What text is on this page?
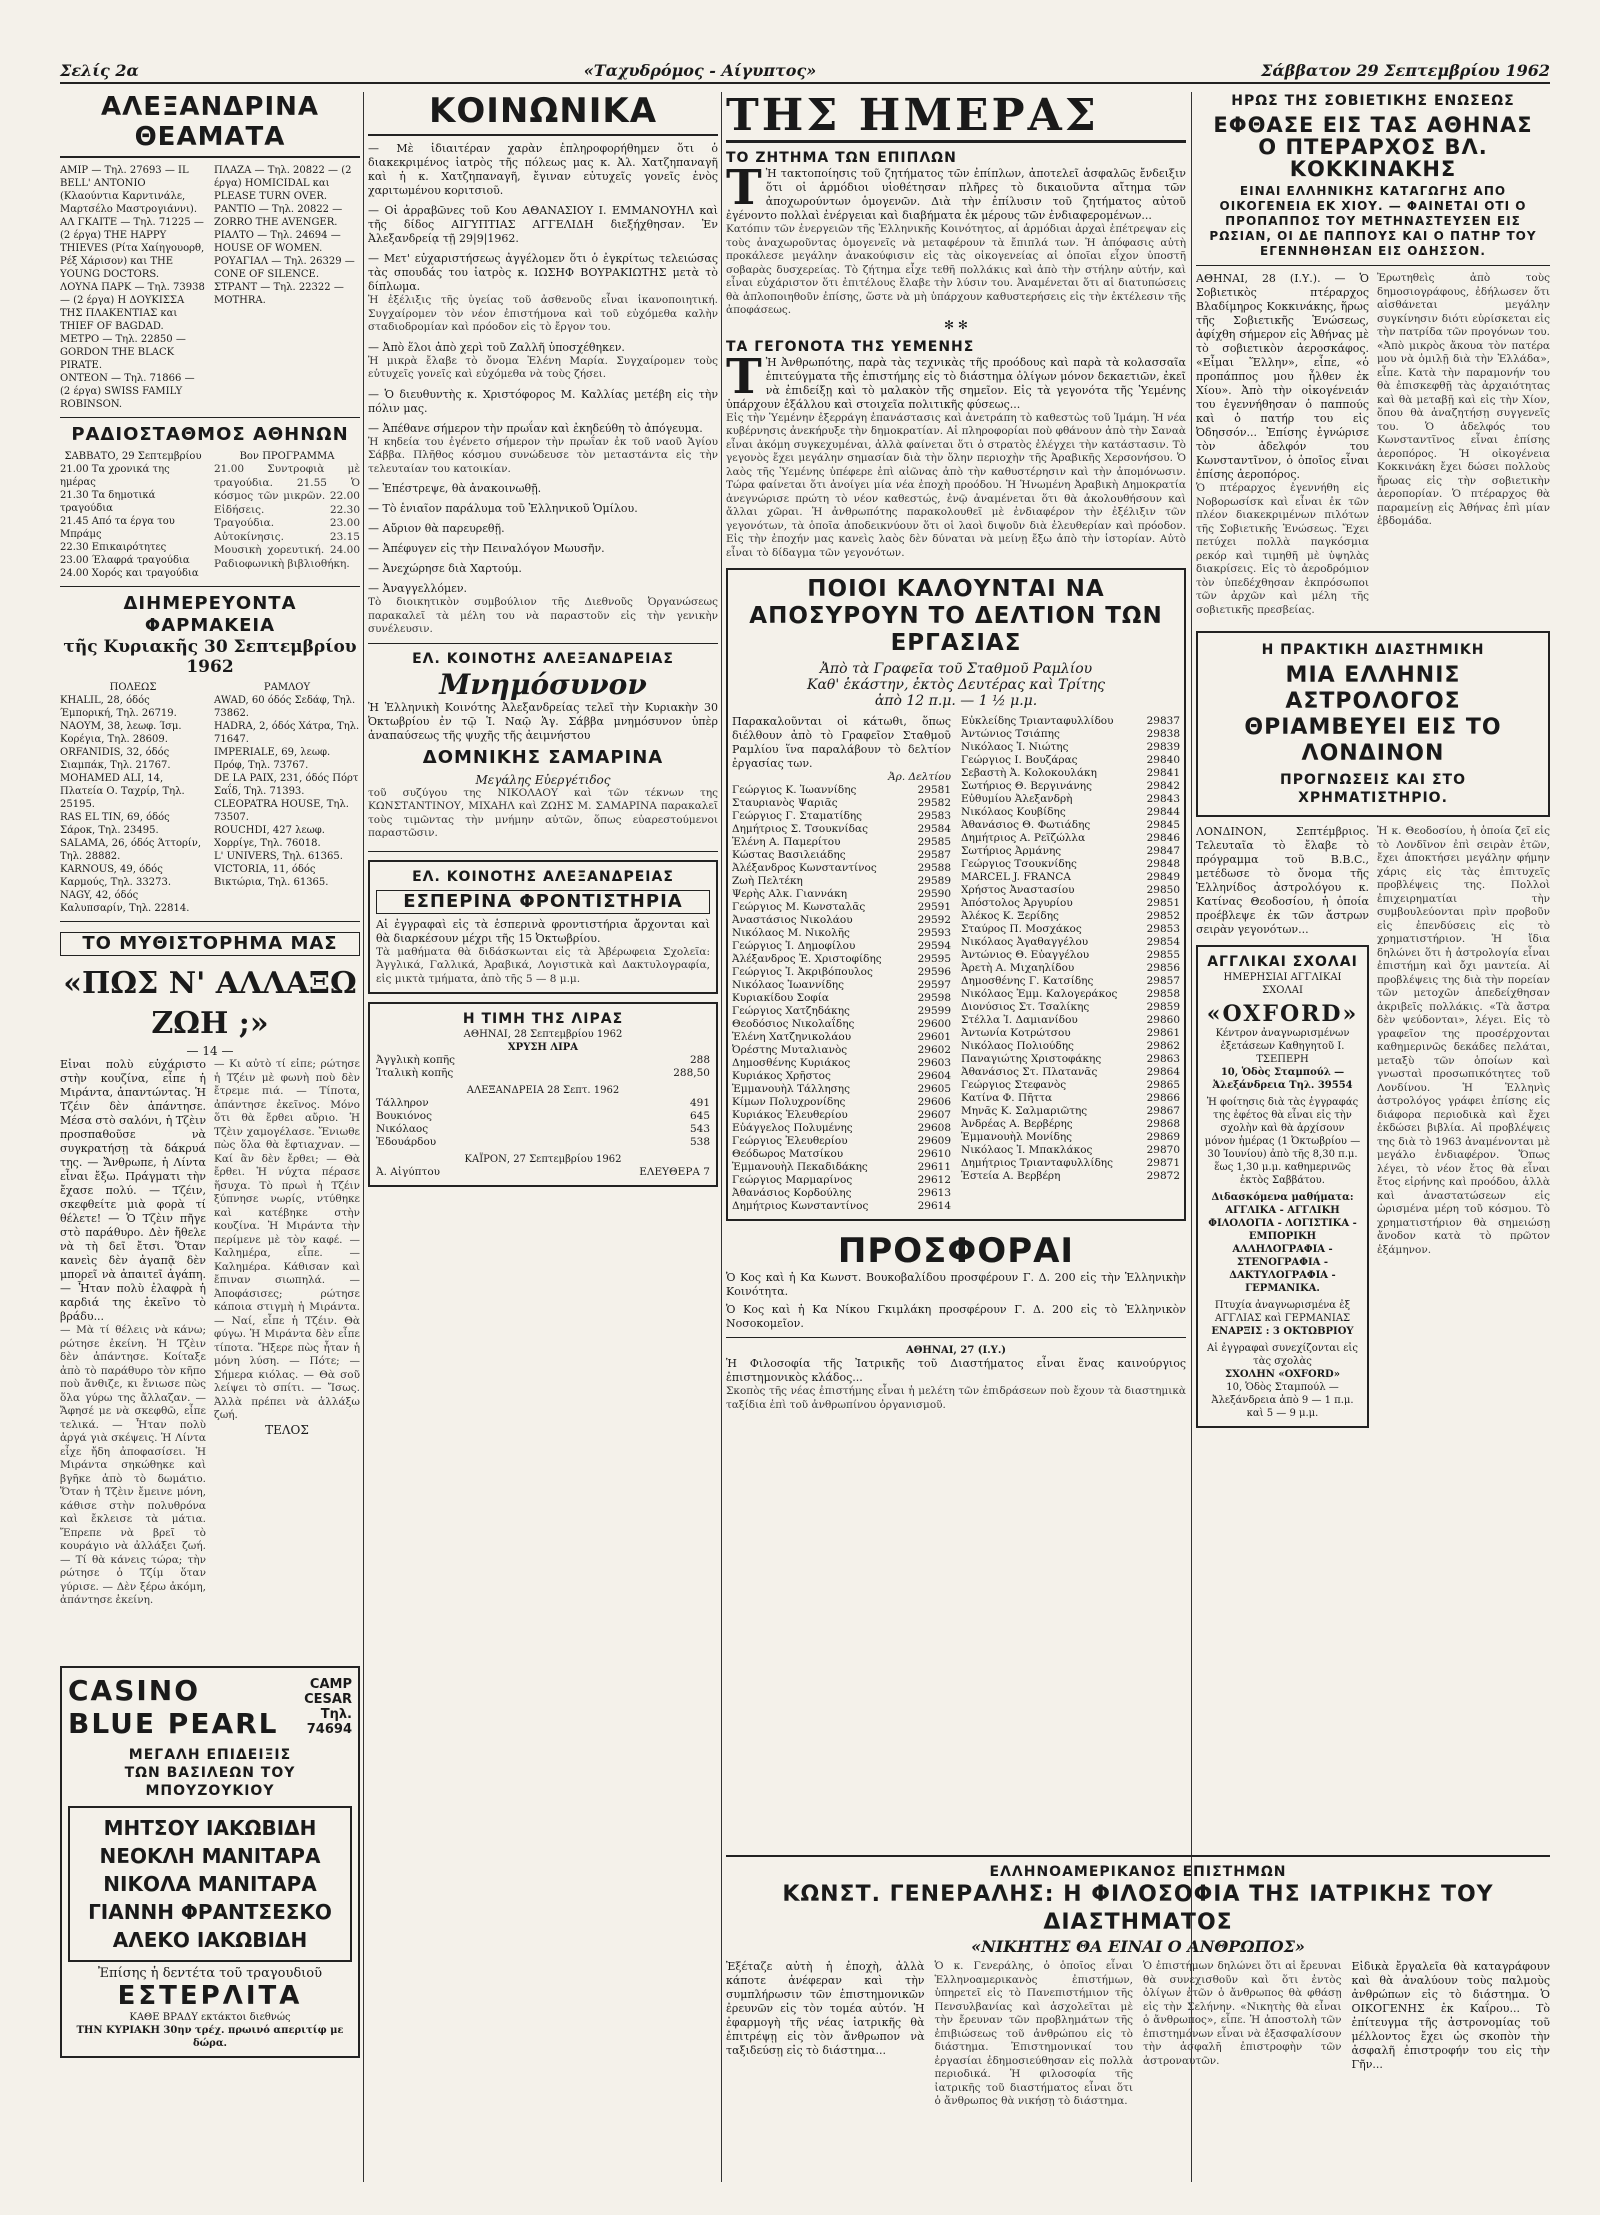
Σελίς 2α	«Ταχυδρόμος - Αίγυπτος»	Σάββατον 29 Σεπτεμβρίου 1962
ΑΛΕΞΑΝΔΡΙΝΑ ΘΕΑΜΑΤΑ

ΑΜΙΡ — Τηλ. 27693 — IL BELL' ANTONIO (Κλαούντια Καρντινάλε, Μαρτσέλο Μαστρογιάννι).

ΑΛ ΓΚΑΙΤΕ — Τηλ. 71225 — (2 έργα) THE HAPPY THIEVES (Ρίτα Χαίηγουορθ, Ρέξ Χάρισον) και THE YOUNG DOCTORS.

ΛΟΥΝΑ ΠΑΡΚ — Τηλ. 73938 — (2 έργα) Η ΔΟΥΚΙΣΣΑ ΤΗΣ ΠΛΑΚΕΝΤΙΑΣ και THIEF OF BAGDAD.

ΜΕΤΡΟ — Τηλ. 22850 — GORDON THE BLACK PIRATE.

ΟΝΤΕΟΝ — Τηλ. 71866 — (2 έργα) SWISS FAMILY ROBINSON.

ΠΛΑΖΑ — Τηλ. 20822 — (2 έργα) HOMICIDAL και PLEASE TURN OVER.

ΡΑΝΤΙΟ — Τηλ. 20822 — ZORRO THE AVENGER.

ΡΙΑΛΤΟ — Τηλ. 24694 — HOUSE OF WOMEN.

ΡΟΥΑΓΙΑΛ — Τηλ. 26329 — CONE OF SILENCE.

ΣΤΡΑΝΤ — Τηλ. 22322 — MOTHRA.

ΡΑΔΙΟΣΤΑΘΜΟΣ ΑΘΗΝΩΝ

ΣΑΒΒΑΤΟ, 29 Σεπτεμβρίου

21.00 Τα χρονικά της ημέρας

21.30 Τα δημοτικά τραγούδια

21.45 Από τα έργα του Μπράμς

22.30 Επικαιρότητες

23.00 Έλαφρά τραγούδια

24.00 Χορός και τραγούδια

Βον ΠΡΟΓΡΑΜΜΑ

21.00 Συντροφιὰ μὲ τραγούδια. 21.55 Ὁ κόσμος τῶν μικρῶν. 22.00 Εἰδήσεις. 22.30 Τραγούδια. 23.00 Αὐτοκίνησις. 23.15 Μουσικὴ χορευτική. 24.00 Ραδιοφωνικὴ βιβλιοθήκη.

ΔΙΗΜΕΡΕΥΟΝΤΑ ΦΑΡΜΑΚΕΙΑ
τῆς Κυριακῆς 30 Σεπτεμβρίου 1962

ΠΟΛΕΩΣ

KHALIL, 28, όδός Έμπορική, Τηλ. 26719.

ΝΑΟΥΜ, 38, λεωφ. Ίσμ. Κορέγια, Τηλ. 28609.

ORFANIDIS, 32, όδός Σιαμπάκ, Τηλ. 21767.

MOHAMED ALI, 14, Πλατεία Ο. Ταχρίρ, Τηλ. 25195.

RAS EL TIN, 69, όδός Σάροκ, Τηλ. 23495.

SALAMA, 26, όδός Άττορίν, Τηλ. 28882.

KARNOUS, 49, όδός Καρμούς, Τηλ. 33273.

NAGY, 42, όδός Καλυπσαρίν, Τηλ. 22814.

ΡΑΜΛΟΥ

AWAD, 60 όδός Σεδάφ, Τηλ. 73862.

HADRA, 2, όδός Χάτρα, Τηλ. 71647.

IMPERIALE, 69, λεωφ. Πρόφ, Τηλ. 73767.

DE LA PAIX, 231, όδός Πόρτ Σαΐδ, Τηλ. 71393.

CLEOPATRA HOUSE, Τηλ. 73507.

ROUCHDI, 427 λεωφ. Χορρίγε, Τηλ. 76018.

L' UNIVERS, Τηλ. 61365.

VICTORIA, 11, όδός Βικτώρια, Τηλ. 61365.

ΤΟ ΜΥΘΙΣΤΟΡΗΜΑ ΜΑΣ
«ΠΩΣ Ν' ΑΛΛΑΞΩ ΖΩΗ ;»
— 14 —

Εἶναι πολὺ εὐχάριστο στὴν κουζίνα, εἶπε ἡ Μιράντα, ἀπαντώντας. Ἡ Τζέιν δὲν ἀπάντησε. Μέσα στὸ σαλόνι, ἡ Τζὲιν προσπαθοῦσε νὰ συγκρατήσῃ τὰ δάκρυά της. — Ἄνθρωπε, ἡ Λίντα εἶναι ἔξω. Πράγματι τὴν ἔχασε πολύ. — Τζέιν, σκεφθείτε μιὰ φορὰ τί θέλετε! — Ὁ Τζὲιν πῆγε στὸ παράθυρο. Δὲν ἤθελε νὰ τὴ δεῖ ἔτσι. Ὅταν κανεὶς δὲν ἀγαπᾷ δὲν μπορεῖ νὰ ἀπαιτεῖ ἀγάπη. — Ἦταν πολὺ ἐλαφρὰ ἡ καρδιά της ἐκεῖνο τὸ βράδυ...

— Μὰ τί θέλεις νὰ κάνω; ρώτησε ἐκείνη. Ἡ Τζὲιν δὲν ἀπάντησε. Κοίταξε ἀπὸ τὸ παράθυρο τὸν κῆπο ποὺ ἄνθιζε, κι ἔνιωσε πὼς ὅλα γύρω της ἄλλαζαν. — Ἄφησέ με νὰ σκεφθῶ, εἶπε τελικά. — Ἦταν πολὺ ἀργά γιὰ σκέψεις. Ἡ Λίντα εἶχε ἤδη ἀποφασίσει. Ἡ Μιράντα σηκώθηκε καὶ βγῆκε ἀπὸ τὸ δωμάτιο. Ὅταν ἡ Τζὲιν ἔμεινε μόνη, κάθισε στὴν πολυθρόνα καὶ ἔκλεισε τὰ μάτια. Ἔπρεπε νὰ βρεῖ τὸ κουράγιο νὰ ἀλλάξει ζωή. — Τί θὰ κάνεις τώρα; τὴν ρώτησε ὁ Τζίμ ὅταν γύρισε. — Δὲν ξέρω ἀκόμη, ἀπάντησε ἐκείνη.

— Κι αὐτὸ τί εἶπε; ρώτησε ἡ Τζέιν μὲ φωνὴ ποὺ δὲν ἔτρεμε πιά. — Τίποτα, ἀπάντησε ἐκεῖνος. Μόνο ὅτι θὰ ἔρθει αὔριο. Ἡ Τζὲιν χαμογέλασε. Ἔνιωθε πὼς ὅλα θὰ ἔφτιαχναν. — Καί ἂν δὲν ἔρθει; — Θὰ ἔρθει. Ἡ νύχτα πέρασε ἥσυχα. Τὸ πρωὶ ἡ Τζέιν ξύπνησε νωρίς, ντύθηκε καὶ κατέβηκε στὴν κουζίνα. Ἡ Μιράντα τὴν περίμενε μὲ τὸν καφέ. — Καλημέρα, εἶπε. — Καλημέρα. Κάθισαν καὶ ἔπιναν σιωπηλά. — Ἀποφάσισες; ρώτησε κάποια στιγμὴ ἡ Μιράντα. — Ναί, εἶπε ἡ Τζέιν. Θὰ φύγω. Ἡ Μιράντα δὲν εἶπε τίποτα. Ἤξερε πὼς ἦταν ἡ μόνη λύση. — Πότε; — Σήμερα κιόλας. — Θὰ σοῦ λείψει τὸ σπίτι. — Ἴσως. Ἀλλὰ πρέπει νὰ ἀλλάξω ζωή.

ΤΕΛΟΣ

CASINO BLUE PEARL
CAMP CESAR
Τηλ. 74694
ΜΕΓΑΛΗ ΕΠΙΔΕΙΞΙΣ
ΤΩΝ ΒΑΣΙΛΕΩΝ ΤΟΥ ΜΠΟΥΖΟΥΚΙΟΥ
ΜΗΤΣΟΥ ΙΑΚΩΒΙΔΗ
ΝΕΟΚΛΗ ΜΑΝΙΤΑΡΑ
ΝΙΚΟΛΑ ΜΑΝΙΤΑΡΑ
ΓΙΑΝΝΗ ΦΡΑΝΤΣΕΣΚΟ
ΑΛΕΚΟ ΙΑΚΩΒΙΔΗ
Ἐπίσης ἡ δεντέτα τοῦ τραγουδιοῦ
ΕΣΤΕΡΛΙΤΑ
ΚΑΘΕ ΒΡΑΔΥ εκτάκτοι διεθνώς
ΤΗΝ ΚΥΡΙΑΚΗ 30ην τρέχ. πρωινό απεριτίφ με δώρα.
ΚΟΙΝΩΝΙΚΑ

— Μὲ ἰδιαιτέραν χαρὰν ἐπληροφορήθημεν ὅτι ὁ διακεκριμένος ἰατρὸς τῆς πόλεως μας κ. Ἀλ. Χατζηπαναγῆ καὶ ἡ κ. Χατζηπαναγῆ, ἔγιναν εὐτυχεῖς γονεῖς ἑνὸς χαριτωμένου κοριτσιοῦ.

— Οἱ ἀρραβῶνες τοῦ Κου ΑΘΑΝΑΣΙΟΥ Ι. ΕΜΜΑΝΟΥΗΛ καὶ τῆς δίδος ΑΙΓΥΠΤΙΑΣ ΑΓΓΕΛΙΔΗ διεξήχθησαν. Ἐν Ἀλεξανδρείᾳ τῇ 29|9|1962.

— Μετ' εὐχαριστήσεως ἀγγέλομεν ὅτι ὁ ἐγκρίτως τελειώσας τὰς σπουδάς του ἰατρὸς κ. ΙΩΣΗΦ ΒΟΥΡΑΚΙΩΤΗΣ μετὰ τὸ δίπλωμα.

Ἡ ἐξέλιξις τῆς ὑγείας τοῦ ἀσθενοῦς εἶναι ἱκανοποιητική. Συγχαίρομεν τὸν νέον ἐπιστήμονα καὶ τοῦ εὐχόμεθα καλὴν σταδιοδρομίαν καὶ πρόοδον εἰς τὸ ἔργον του.

— Ἀπὸ ἕλοι ἀπὸ χερὶ τοῦ Ζαλλῆ ὑποσχέθηκεν.

Ἡ μικρὰ ἔλαβε τὸ ὄνομα Ἑλένη Μαρία. Συγχαίρομεν τοὺς εὐτυχεῖς γονεῖς καὶ εὐχόμεθα νὰ τοὺς ζήσει.

— Ὁ διευθυντὴς κ. Χριστόφορος Μ. Καλλίας μετέβη εἰς τὴν πόλιν μας.

— Ἀπέθανε σήμερον τὴν πρωΐαν καὶ ἐκηδεύθη τὸ ἀπόγευμα.

Ἡ κηδεία του ἐγένετο σήμερον τὴν πρωΐαν ἐκ τοῦ ναοῦ Ἁγίου Σάββα. Πλῆθος κόσμου συνώδευσε τὸν μεταστάντα εἰς τὴν τελευταίαν του κατοικίαν.

— Ἐπέστρεψε, θὰ ἀνακοινωθῇ.

— Τὸ ἑνιαῖον παράλυμα τοῦ Ἑλληνικοῦ Ὁμίλου.

— Αὔριον θὰ παρευρεθῇ.

— Ἀπέφυγεν εἰς τὴν Πειναλόγον Μωυσῆν.

— Ἀνεχώρησε διὰ Χαρτούμ.

— Ἀναγγελλόμεν.

Τὸ διοικητικὸν συμβούλιον τῆς Διεθνοῦς Ὀργανώσεως παρακαλεῖ τὰ μέλη του νὰ παραστοῦν εἰς τὴν γενικὴν συνέλευσιν.

ΕΛ. ΚΟΙΝΟΤΗΣ ΑΛΕΞΑΝΔΡΕΙΑΣ
Μνημόσυνον

Ἡ Ἑλληνικὴ Κοινότης Ἀλεξανδρείας τελεῖ τὴν Κυριακὴν 30 Ὀκτωβρίου ἐν τῷ Ἱ. Ναῷ Ἁγ. Σάββα μνημόσυνον ὑπὲρ ἀναπαύσεως τῆς ψυχῆς τῆς ἀειμνήστου

ΔΟΜΝΙΚΗΣ ΣΑΜΑΡΙΝΑ
Μεγάλης Εὐεργέτιδος

τοῦ συζύγου της ΝΙΚΟΛΑΟΥ καὶ τῶν τέκνων της ΚΩΝΣΤΑΝΤΙΝΟΥ, ΜΙΧΑΗΛ καὶ ΖΩΗΣ Μ. ΣΑΜΑΡΙΝΑ παρακαλεῖ τοὺς τιμῶντας τὴν μνήμην αὐτῶν, ὅπως εὐαρεστούμενοι παραστῶσιν.

ΕΛ. ΚΟΙΝΟΤΗΣ ΑΛΕΞΑΝΔΡΕΙΑΣ
ΕΣΠΕΡΙΝΑ ΦΡΟΝΤΙΣΤΗΡΙΑ

Αἱ ἐγγραφαὶ εἰς τὰ ἑσπερινὰ φροντιστήρια ἄρχονται καὶ θὰ διαρκέσουν μέχρι τῆς 15 Ὀκτωβρίου.

Τὰ μαθήματα θὰ διδάσκωνται εἰς τὰ Ἀβέρωφεια Σχολεῖα: Ἀγγλικά, Γαλλικά, Ἀραβικά, Λογιστικὰ καὶ Δακτυλογραφία, εἰς μικτὰ τμήματα, ἀπὸ τῆς 5 — 8 μ.μ.

Η ΤΙΜΗ ΤΗΣ ΛΙΡΑΣ
ΑΘΗΝΑΙ, 28 Σεπτεμβρίου 1962
ΧΡΥΣΗ ΛΙΡΑ
Ἀγγλικὴ κοπῆς	288
Ἰταλικὴ κοπῆς	288,50
ΑΛΕΞΑΝΔΡΕΙΑ 28 Σεπτ. 1962
Τάλληρον	491
Βουκιόνος	645
Νικόλαος	543
Ἑδουάρδου	538
ΚΑΪΡΟΝ, 27 Σεπτεμβρίου 1962
Ἀ. Αἰγύπτου	ΕΛΕΥΘΕΡΑ 7
ΤΗΣ ΗΜΕΡΑΣ
ΤΟ ΖΗΤΗΜΑ ΤΩΝ ΕΠΙΠΛΩΝ

Τ Ἡ τακτοποίησις τοῦ ζητήματος τῶν ἐπίπλων, ἀποτελεῖ ἀσφαλῶς ἔνδειξιν ὅτι οἱ ἁρμόδιοι υἱοθέτησαν πλῆρες τὸ δικαιοῦντα αἴτημα τῶν ἀποχωρούντων ὁμογενῶν. Διὰ τὴν ἐπίλυσιν τοῦ ζητήματος αὐτοῦ ἐγένοντο πολλαὶ ἐνέργειαι καὶ διαβήματα ἐκ μέρους τῶν ἐνδιαφερομένων...

Κατόπιν τῶν ἐνεργειῶν τῆς Ἑλληνικῆς Κοινότητος, αἱ ἁρμόδιαι ἀρχαὶ ἐπέτρεψαν εἰς τοὺς ἀναχωροῦντας ὁμογενεῖς νὰ μεταφέρουν τὰ ἔπιπλά των. Ἡ ἀπόφασις αὐτὴ προκάλεσε μεγάλην ἀνακούφισιν εἰς τὰς οἰκογενείας αἱ ὁποῖαι εἶχον ὑποστῆ σοβαρὰς δυσχερείας. Τὸ ζήτημα εἶχε τεθῆ πολλάκις καὶ ἀπὸ τὴν στήλην αὐτήν, καὶ εἶναι εὐχάριστον ὅτι ἐπιτέλους ἔλαβε τὴν λύσιν του. Ἀναμένεται ὅτι αἱ διατυπώσεις θὰ ἀπλοποιηθοῦν ἐπίσης, ὥστε νὰ μὴ ὑπάρχουν καθυστερήσεις εἰς τὴν ἐκτέλεσιν τῆς ἀποφάσεως.

✻ ✻
ΤΑ ΓΕΓΟΝΟΤΑ ΤΗΣ ΥΕΜΕΝΗΣ

Τ Ἡ Ἀνθρωπότης, παρὰ τὰς τεχνικὰς τῆς προόδους καὶ παρὰ τὰ κολασσαῖα ἐπιτεύγματα τῆς ἐπιστήμης εἰς τὸ διάστημα ὀλίγων μόνον δεκαετιῶν, ἐκεῖ νὰ ἐπιδείξῃ καὶ τὸ μαλακὸν τῆς σημεῖον. Εἰς τὰ γεγονότα τῆς Ὑεμένης ὑπάρχουν ἐξάλλου καὶ στοιχεῖα πολιτικῆς φύσεως...

Εἰς τὴν Ὑεμένην ἐξερράγη ἐπανάστασις καὶ ἀνετράπη τὸ καθεστὼς τοῦ Ἰμάμη. Ἡ νέα κυβέρνησις ἀνεκήρυξε τὴν δημοκρατίαν. Αἱ πληροφορίαι ποὺ φθάνουν ἀπὸ τὴν Σαναὰ εἶναι ἀκόμη συγκεχυμέναι, ἀλλὰ φαίνεται ὅτι ὁ στρατὸς ἐλέγχει τὴν κατάστασιν. Τὸ γεγονὸς ἔχει μεγάλην σημασίαν διὰ τὴν ὅλην περιοχὴν τῆς Ἀραβικῆς Χερσονήσου. Ὁ λαὸς τῆς Ὑεμένης ὑπέφερε ἐπὶ αἰῶνας ἀπὸ τὴν καθυστέρησιν καὶ τὴν ἀπομόνωσιν. Τώρα φαίνεται ὅτι ἀνοίγει μία νέα ἐποχὴ προόδου. Ἡ Ἡνωμένη Ἀραβικὴ Δημοκρατία ἀνεγνώρισε πρώτη τὸ νέον καθεστώς, ἐνῷ ἀναμένεται ὅτι θὰ ἀκολουθήσουν καὶ ἄλλαι χῶραι. Ἡ ἀνθρωπότης παρακολουθεῖ μὲ ἐνδιαφέρον τὴν ἐξέλιξιν τῶν γεγονότων, τὰ ὁποῖα ἀποδεικνύουν ὅτι οἱ λαοὶ διψοῦν διὰ ἐλευθερίαν καὶ πρόοδον. Εἰς τὴν ἐποχήν μας κανεὶς λαὸς δὲν δύναται νὰ μείνῃ ἔξω ἀπὸ τὴν ἱστορίαν. Αὐτὸ εἶναι τὸ δίδαγμα τῶν γεγονότων.

ΠΟΙΟΙ ΚΑΛΟΥΝΤΑΙ ΝΑ ΑΠΟΣΥΡΟΥΝ ΤΟ ΔΕΛΤΙΟΝ ΤΩΝ ΕΡΓΑΣΙΑΣ
Ἀπὸ τὰ Γραφεῖα τοῦ Σταθμοῦ Ραμλίου
Καθ' ἑκάστην, ἐκτὸς Δευτέρας καὶ Τρίτης
ἀπὸ 12 π.μ. — 1 ½ μ.μ.

Παρακαλοῦνται οἱ κάτωθι, ὅπως διέλθουν ἀπὸ τὸ Γραφεῖον Σταθμοῦ Ραμλίου ἵνα παραλάβουν τὸ δελτίον ἐργασίας των.

Ἀρ. Δελτίου
Γεώργιος Κ. Ἰωαννίδης	29581
Σταυριανὸς Ψαριᾶς	29582
Γεώργιος Γ. Σταματίδης	29583
Δημήτριος Σ. Τσουκνίδας	29584
Ἑλένη Α. Παμερίτου	29585
Κώστας Βασιλειάδης	29587
Ἀλέξανδρος Κωνσταντίνος	29588
Ζωὴ Πελτέκη	29589
Ψερὴς Αλκ. Γιαννάκη	29590
Γεώργιος Μ. Κωνσταλᾶς	29591
Ἀναστάσιος Νικολάου	29592
Νικόλαος Μ. Νικολῆς	29593
Γεώργιος Ἰ. Δημοφίλου	29594
Ἀλέξανδρος Ἐ. Χριστοφίδης	29595
Γεώργιος Ἰ. Ἀκριβόπουλος	29596
Νικόλαος Ἰωαννίδης	29597
Κυριακίδου Σοφία	29598
Γεώργιος Χατζηδάκης	29599
Θεοδόσιος Νικολαΐδης	29600
Ἑλένη Χατζηνικολάου	29601
Ὀρέστης Μυταλιανὸς	29602
Δημοσθένης Κυριάκος	29603
Κυριάκος Χρῆστος	29604
Ἑμμανουὴλ Τάλλησης	29605
Κίμων Πολυχρονίδης	29606
Κυριάκος Ἑλευθερίου	29607
Εὐάγγελος Πολυμένης	29608
Γεώργιος Ἐλευθερίου	29609
Θεόδωρος Ματσίκου	29610
Ἑμμανουὴλ Πεκαδιδάκης	29611
Γεώργιος Μαρμαρίνος	29612
Ἀθανάσιος Κορδούλης	29613
Δημήτριος Κωνσταντίνος	29614
Εὐκλείδης Τριανταφυλλίδου	29837
Ἀντώνιος Τσιάπης	29838
Νικόλαος Ἰ. Νιώτης	29839
Γεώργιος Ι. Βουζάρας	29840
Σεβαστὴ Ἀ. Κολοκουλάκη	29841
Σωτήριος Θ. Βεργινάνης	29842
Εὐθυμίου Ἀλεξανδρὴ	29843
Νικόλαος Κουβίδης	29844
Ἀθανάσιος Θ. Φωτιάδης	29845
Δημήτριος Α. Ρεϊζώλλα	29846
Σωτήριος Ἀρμάνης	29847
Γεώργιος Τσουκνίδης	29848
MARCEL J. FRANCA	29849
Χρήστος Ἀναστασίου	29850
Ἀπόστολος Ἀργυρίου	29851
Ἀλέκος Κ. Ξερίδης	29852
Σταύρος Π. Μοσχάκος	29853
Νικόλαος Ἀγαθαγγέλου	29854
Ἀντώνιος Θ. Εὐαγγέλου	29855
Ἀρετὴ Α. Μιχαηλίδου	29856
Δημοσθένης Γ. Κατσίδης	29857
Νικόλαος Ἐμμ. Καλογεράκος	29858
Διονύσιος Στ. Τσαλίκης	29859
Στέλλα Ἰ. Δαμιανίδου	29860
Ἀντωνία Κοτρώτσου	29861
Νικόλαος Πολιούδης	29862
Παναγιώτης Χριστοφάκης	29863
Ἀθανάσιος Στ. Πλατανᾶς	29864
Γεώργιος Στεφανὸς	29865
Κατίνα Φ. Πῆττα	29866
Μηνᾶς Κ. Σαλμαριῶτης	29867
Ἀνδρέας Α. Βερβέρης	29868
Ἑμμανουὴλ Μονίδης	29869
Νικόλαος Ἰ. Μπακλάκος	29870
Δημήτριος Τριανταφυλλίδης	29871
Ἑστεία Α. Βερβέρη	29872
ΠΡΟΣΦΟΡΑΙ

Ὁ Κος καὶ ἡ Κα Κωνστ. Βουκοβαλίδου προσφέρουν Γ. Δ. 200 εἰς τὴν Ἑλληνικὴν Κοινότητα.

Ὁ Κος καὶ ἡ Κα Νίκου Γκιμλάκη προσφέρουν Γ. Δ. 200 εἰς τὸ Ἑλληνικὸν Νοσοκομεῖον.

ΑΘΗΝΑΙ, 27 (Ι.Υ.)

Ἡ Φιλοσοφία τῆς Ἰατρικῆς τοῦ Διαστήματος εἶναι ἕνας καινούργιος ἐπιστημονικὸς κλάδος...

Σκοπὸς τῆς νέας ἐπιστήμης εἶναι ἡ μελέτη τῶν ἐπιδράσεων ποὺ ἔχουν τὰ διαστημικὰ ταξίδια ἐπὶ τοῦ ἀνθρωπίνου ὀργανισμοῦ.

ΗΡΩΣ ΤΗΣ ΣΟΒΙΕΤΙΚΗΣ ΕΝΩΣΕΩΣ
ΕΦΘΑΣΕ ΕΙΣ ΤΑΣ ΑΘΗΝΑΣ
Ο ΠΤΕΡΑΡΧΟΣ ΒΛ. ΚΟΚΚΙΝΑΚΗΣ
ΕΙΝΑΙ ΕΛΛΗΝΙΚΗΣ ΚΑΤΑΓΩΓΗΣ ΑΠΟ ΟΙΚΟΓΕΝΕΙΑ ΕΚ ΧΙΟΥ. — ΦΑΙΝΕΤΑΙ ΟΤΙ Ο ΠΡΟΠΑΠΠΟΣ ΤΟΥ ΜΕΤΗΝΑΣΤΕΥΣΕΝ ΕΙΣ ΡΩΣΙΑΝ, ΟΙ ΔΕ ΠΑΠΠΟΥΣ ΚΑΙ Ο ΠΑΤΗΡ ΤΟΥ ΕΓΕΝΝΗΘΗΣΑΝ ΕΙΣ ΟΔΗΣΣΟΝ.

ΑΘΗΝΑΙ, 28 (Ι.Υ.). — Ὁ Σοβιετικὸς πτέραρχος Βλαδίμηρος Κοκκινάκης, ἥρως τῆς Σοβιετικῆς Ἑνώσεως, ἀφίχθη σήμερον εἰς Ἀθήνας μὲ τὸ σοβιετικὸν ἀεροσκάφος. «Εἶμαι Ἕλλην», εἶπε, «ὁ προπάππος μου ἦλθεν ἐκ Χίου». Ἀπὸ τὴν οἰκογένειάν του ἐγεννήθησαν ὁ παππούς καὶ ὁ πατήρ του εἰς Ὀδησσόν... Ἐπίσης ἐγνώρισε τὸν ἀδελφόν του Κωνσταντῖνον, ὁ ὁποῖος εἶναι ἐπίσης ἀεροπόρος.

Ὁ πτέραρχος ἐγεννήθη εἰς Νοβορωσίσκ καὶ εἶναι ἐκ τῶν πλέον διακεκριμένων πιλότων τῆς Σοβιετικῆς Ἑνώσεως. Ἔχει πετύχει πολλὰ παγκόσμια ρεκόρ καὶ τιμηθῆ μὲ ὑψηλὰς διακρίσεις. Εἰς τὸ ἀεροδρόμιον τὸν ὑπεδέχθησαν ἐκπρόσωποι τῶν ἀρχῶν καὶ μέλη τῆς σοβιετικῆς πρεσβείας.

Ἐρωτηθεὶς ἀπὸ τοὺς δημοσιογράφους, ἐδήλωσεν ὅτι αἰσθάνεται μεγάλην συγκίνησιν διότι εὑρίσκεται εἰς τὴν πατρίδα τῶν προγόνων του. «Ἀπὸ μικρὸς ἄκουα τὸν πατέρα μου νὰ ὁμιλῇ διὰ τὴν Ἑλλάδα», εἶπε. Κατὰ τὴν παραμονήν του θὰ ἐπισκεφθῇ τὰς ἀρχαιότητας καὶ θὰ μεταβῇ καὶ εἰς τὴν Χίον, ὅπου θὰ ἀναζητήσῃ συγγενεῖς του. Ὁ ἀδελφός του Κωνσταντῖνος εἶναι ἐπίσης ἀεροπόρος. Ἡ οἰκογένεια Κοκκινάκη ἔχει δώσει πολλοὺς ἥρωας εἰς τὴν σοβιετικὴν ἀεροπορίαν. Ὁ πτέραρχος θὰ παραμείνῃ εἰς Ἀθήνας ἐπὶ μίαν ἑβδομάδα.

Η ΠΡΑΚΤΙΚΗ ΔΙΑΣΤΗΜΙΚΗ
ΜΙΑ ΕΛΛΗΝΙΣ ΑΣΤΡΟΛΟΓΟΣ ΘΡΙΑΜΒΕΥΕΙ ΕΙΣ ΤΟ ΛΟΝΔΙΝΟΝ
ΠΡΟΓΝΩΣΕΙΣ ΚΑΙ ΣΤΟ ΧΡΗΜΑΤΙΣΤΗΡΙΟ.

ΛΟΝΔΙΝΟΝ, Σεπτέμβριος. Τελευταῖα τὸ ἔλαβε τὸ πρόγραμμα τοῦ Β.Β.C., μετέδωσε τὸ ὄνομα τῆς Ἑλληνίδος ἀστρολόγου κ. Κατίνας Θεοδοσίου, ἡ ὁποία προέβλεψε ἐκ τῶν ἄστρων σειρὰν γεγονότων...

ΑΓΓΛΙΚΑΙ ΣΧΟΛΑΙ
ΗΜΕΡΗΣΙΑΙ ΑΓΓΛΙΚΑΙ ΣΧΟΛΑΙ
«OXFORD»

Κέντρον ἀναγνωρισμένων ἐξετάσεων Καθηγητοῦ Ι. ΤΣΕΠΕΡΗ

10, Ὁδὸς Σταμπούλ — Ἀλεξάνδρεια Τηλ. 39554

Ἡ φοίτησις διὰ τὰς ἐγγραφάς της ἐφέτος θὰ εἶναι εἰς τὴν σχολὴν καὶ θὰ ἀρχίσουν μόνον ἡμέρας (1 Ὀκτωβρίου — 30 Ἰουνίου) ἀπὸ τῆς 8,30 π.μ. ἕως 1,30 μ.μ. καθημερινῶς ἐκτὸς Σαββάτου.

Διδασκόμενα μαθήματα: ΑΓΓΛΙΚΑ - ΑΓΓΛΙΚΗ ΦΙΛΟΛΟΓΙΑ - ΛΟΓΙΣΤΙΚΑ - ΕΜΠΟΡΙΚΗ ΑΛΛΗΛΟΓΡΑΦΙΑ - ΣΤΕΝΟΓΡΑΦΙΑ - ΔΑΚΤΥΛΟΓΡΑΦΙΑ - ΓΕΡΜΑΝΙΚΑ.

Πτυχία ἀναγνωρισμένα ἐξ ΑΓΓΛΙΑΣ καὶ ΓΕΡΜΑΝΙΑΣ

ΕΝΑΡΞΙΣ : 3 ΟΚΤΩΒΡΙΟΥ

Αἱ ἐγγραφαὶ συνεχίζονται εἰς τὰς σχολὰς

ΣΧΟΛΗΝ «OXFORD»

10, Ὁδὸς Σταμπούλ — Ἀλεξάνδρεια ἀπὸ 9 — 1 π.μ. καὶ 5 — 9 μ.μ.

Ἡ κ. Θεοδοσίου, ἡ ὁποία ζεῖ εἰς τὸ Λονδῖνον ἐπὶ σειρὰν ἐτῶν, ἔχει ἀποκτήσει μεγάλην φήμην χάρις εἰς τὰς ἐπιτυχεῖς προβλέψεις της. Πολλοὶ ἐπιχειρηματίαι τὴν συμβουλεύονται πρὶν προβοῦν εἰς ἐπενδύσεις εἰς τὸ χρηματιστήριον. Ἡ ἴδια δηλώνει ὅτι ἡ ἀστρολογία εἶναι ἐπιστήμη καὶ ὄχι μαντεία. Αἱ προβλέψεις της διὰ τὴν πορείαν τῶν μετοχῶν ἀπεδείχθησαν ἀκριβεῖς πολλάκις. «Τὰ ἄστρα δὲν ψεύδονται», λέγει. Εἰς τὸ γραφεῖον της προσέρχονται καθημερινῶς δεκάδες πελάται, μεταξὺ τῶν ὁποίων καὶ γνωσταὶ προσωπικότητες τοῦ Λονδίνου. Ἡ Ἑλληνὶς ἀστρολόγος γράφει ἐπίσης εἰς διάφορα περιοδικὰ καὶ ἔχει ἐκδώσει βιβλία. Αἱ προβλέψεις της διὰ τὸ 1963 ἀναμένονται μὲ μεγάλο ἐνδιαφέρον. Ὅπως λέγει, τὸ νέον ἔτος θὰ εἶναι ἔτος εἰρήνης καὶ προόδου, ἀλλὰ καὶ ἀναστατώσεων εἰς ὡρισμένα μέρη τοῦ κόσμου. Τὸ χρηματιστήριον θὰ σημειώσῃ ἄνοδον κατὰ τὸ πρῶτον ἑξάμηνον.

ΕΛΛΗΝΟΑΜΕΡΙΚΑΝΟΣ ΕΠΙΣΤΗΜΩΝ
ΚΩΝΣΤ. ΓΕΝΕΡΑΛΗΣ: Η ΦΙΛΟΣΟΦΙΑ ΤΗΣ ΙΑΤΡΙΚΗΣ ΤΟΥ ΔΙΑΣΤΗΜΑΤΟΣ
«ΝΙΚΗΤΗΣ ΘΑ ΕΙΝΑΙ Ο ΑΝΘΡΩΠΟΣ»

Ἐξέταζε αὐτὴ ἡ ἐποχὴ, ἀλλὰ κάποτε ἀνέφεραν καὶ τὴν συμπλήρωσιν τῶν ἐπιστημονικῶν ἐρευνῶν εἰς τὸν τομέα αὐτόν. Ἡ ἐφαρμογὴ τῆς νέας ἰατρικῆς θὰ ἐπιτρέψῃ εἰς τὸν ἄνθρωπον νὰ ταξιδεύσῃ εἰς τὸ διάστημα...

Ὁ κ. Γενεράλης, ὁ ὁποῖος εἶναι Ἑλληνοαμερικανὸς ἐπιστήμων, ὑπηρετεῖ εἰς τὸ Πανεπιστήμιον τῆς Πενσυλβανίας καὶ ἀσχολεῖται μὲ τὴν ἔρευναν τῶν προβλημάτων τῆς ἐπιβιώσεως τοῦ ἀνθρώπου εἰς τὸ διάστημα. Ἐπιστημονικαί του ἐργασίαι ἐδημοσιεύθησαν εἰς πολλὰ περιοδικά. Ἡ φιλοσοφία τῆς ἰατρικῆς τοῦ διαστήματος εἶναι ὅτι ὁ ἄνθρωπος θὰ νικήσῃ τὸ διάστημα.

Ὁ ἐπιστήμων δηλώνει ὅτι αἱ ἔρευναι θὰ συνεχισθοῦν καὶ ὅτι ἐντὸς ὀλίγων ἐτῶν ὁ ἄνθρωπος θὰ φθάσῃ εἰς τὴν Σελήνην. «Νικητὴς θὰ εἶναι ὁ ἄνθρωπος», εἶπε. Ἡ ἀποστολὴ τῶν ἐπιστημόνων εἶναι νὰ ἐξασφαλίσουν τὴν ἀσφαλῆ ἐπιστροφὴν τῶν ἀστροναυτῶν.

Εἰδικὰ ἔργαλεῖα θὰ καταγράφουν καὶ θὰ ἀναλύουν τοὺς παλμοὺς ἀνθρώπων εἰς τὸ διάστημα. Ὁ ΟΙΚΟΓΕΝΗΣ ἐκ Καΐρου... Τὸ ἐπίτευγμα τῆς ἀστρονομίας τοῦ μέλλοντος ἔχει ὡς σκοπὸν τὴν ἀσφαλῆ ἐπιστροφήν του εἰς τὴν Γῆν...
